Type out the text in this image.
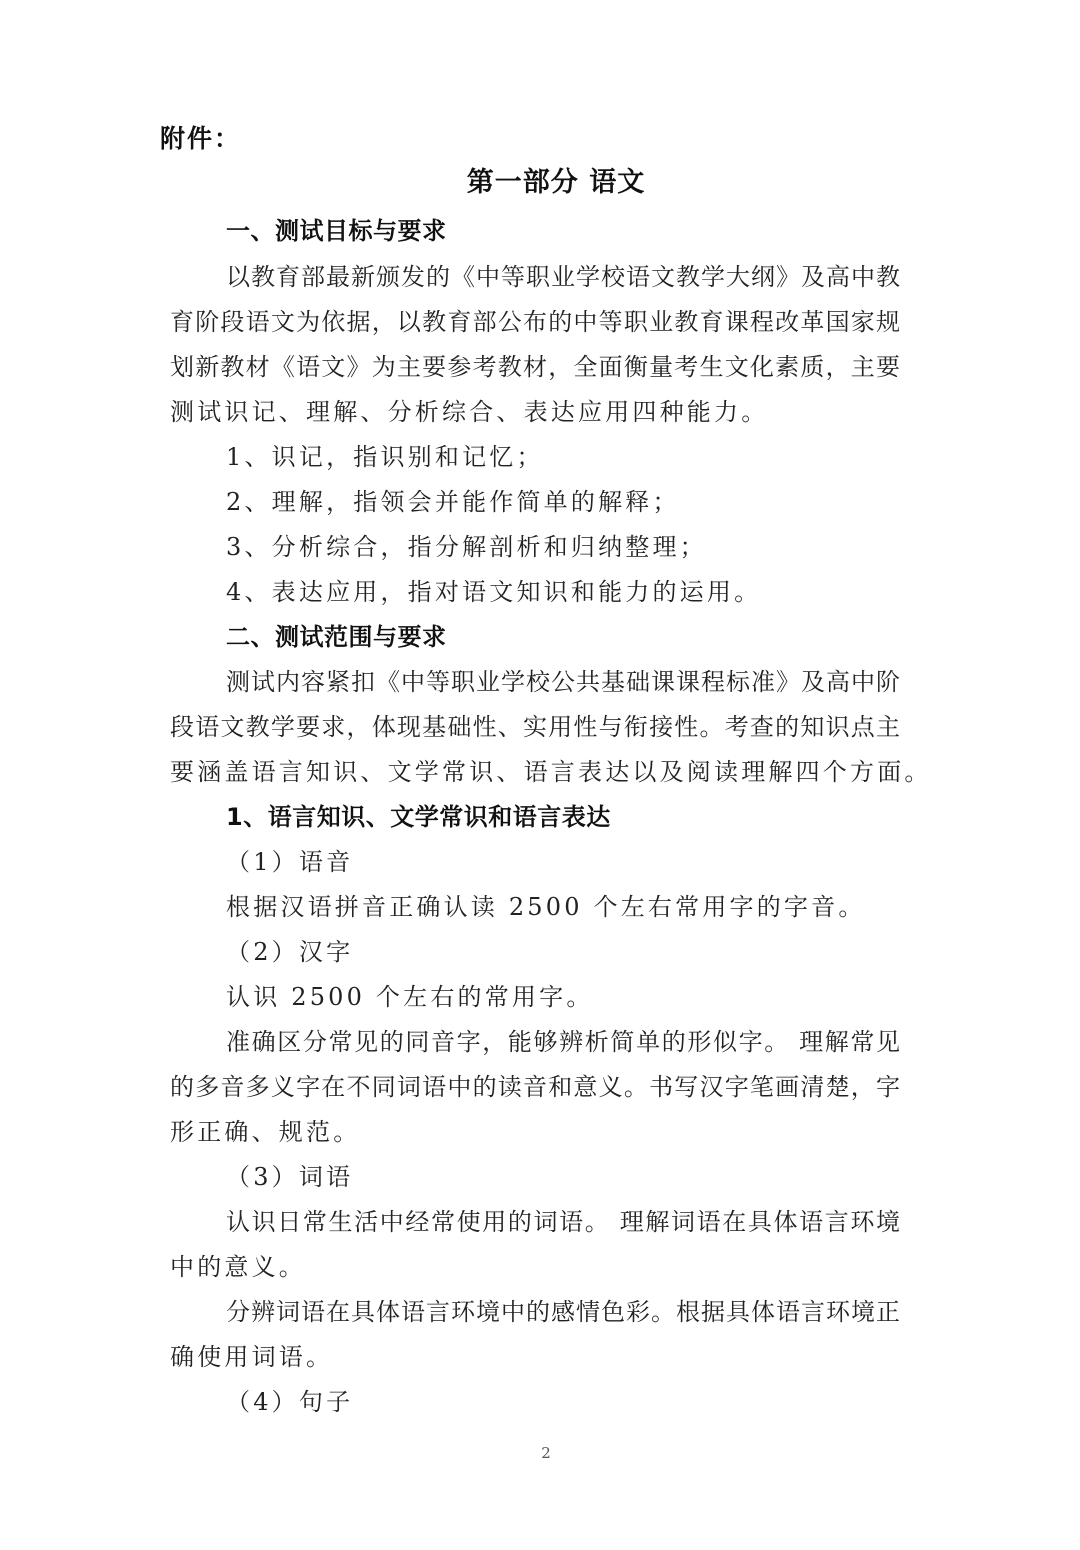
附件：
第一部分 语文
一、测试目标与要求
以教育部最新颁发的《中等职业学校语文教学大纲》及高中教
育阶段语文为依据，以教育部公布的中等职业教育课程改革国家规
划新教材《语文》为主要参考教材，全面衡量考生文化素质，主要
测试识记、理解、分析综合、表达应用四种能力。
1、识记，指识别和记忆；
2、理解，指领会并能作简单的解释；
3、分析综合，指分解剖析和归纳整理；
4、表达应用，指对语文知识和能力的运用。
二、测试范围与要求
测试内容紧扣《中等职业学校公共基础课课程标准》及高中阶
段语文教学要求，体现基础性、实用性与衔接性。考查的知识点主
要涵盖语言知识、文学常识、语言表达以及阅读理解四个方面。
1、语言知识、文学常识和语言表达
（1）语音
根据汉语拼音正确认读 2500 个左右常用字的字音。
（2）汉字
认识 2500 个左右的常用字。
准确区分常见的同音字，能够辨析简单的形似字。 理解常见
的多音多义字在不同词语中的读音和意义。书写汉字笔画清楚，字
形正确、规范。
（3）词语
认识日常生活中经常使用的词语。 理解词语在具体语言环境
中的意义。
分辨词语在具体语言环境中的感情色彩。根据具体语言环境正
确使用词语。
（4）句子
2
